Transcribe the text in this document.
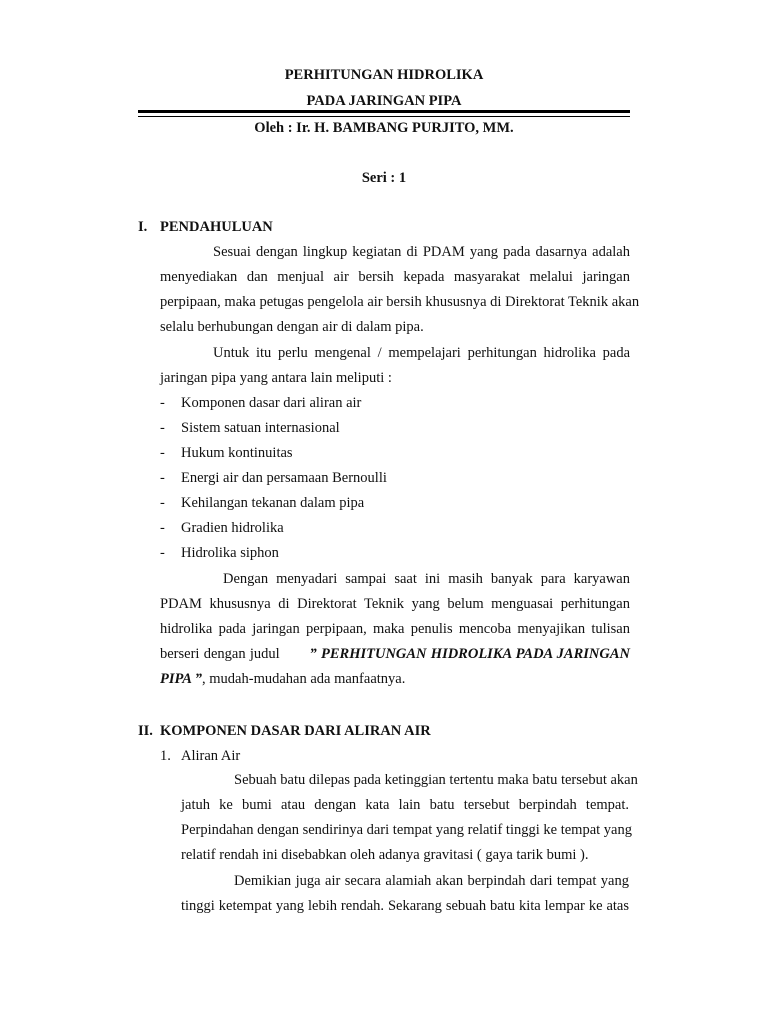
PERHITUNGAN HIDROLIKA
PADA JARINGAN PIPA
Oleh : Ir. H. BAMBANG PURJITO, MM.
Seri : 1
I. PENDAHULUAN
Sesuai dengan lingkup kegiatan di PDAM yang pada dasarnya adalah
menyediakan dan menjual air bersih kepada masyarakat melalui jaringan
perpipaan, maka petugas pengelola air bersih khususnya di Direktorat Teknik akan
selalu berhubungan dengan air di dalam pipa.
Untuk itu perlu mengenal / mempelajari perhitungan hidrolika pada
jaringan pipa yang antara lain meliputi :
- Komponen dasar dari aliran air
- Sistem satuan internasional
- Hukum kontinuitas
- Energi air dan persamaan Bernoulli
- Kehilangan tekanan dalam pipa
- Gradien hidrolika
- Hidrolika siphon
Dengan menyadari sampai saat ini masih banyak para karyawan
PDAM khususnya di Direktorat Teknik yang belum menguasai perhitungan
hidrolika pada jaringan perpipaan, maka penulis mencoba menyajikan tulisan
berseri dengan judul ” PERHITUNGAN HIDROLIKA PADA JARINGAN
PIPA ”, mudah-mudahan ada manfaatnya.
II. KOMPONEN DASAR DARI ALIRAN AIR
1. Aliran Air
Sebuah batu dilepas pada ketinggian tertentu maka batu tersebut akan
jatuh ke bumi atau dengan kata lain batu tersebut berpindah tempat.
Perpindahan dengan sendirinya dari tempat yang relatif tinggi ke tempat yang
relatif rendah ini disebabkan oleh adanya gravitasi ( gaya tarik bumi ).
Demikian juga air secara alamiah akan berpindah dari tempat yang
tinggi ketempat yang lebih rendah. Sekarang sebuah batu kita lempar ke atas
